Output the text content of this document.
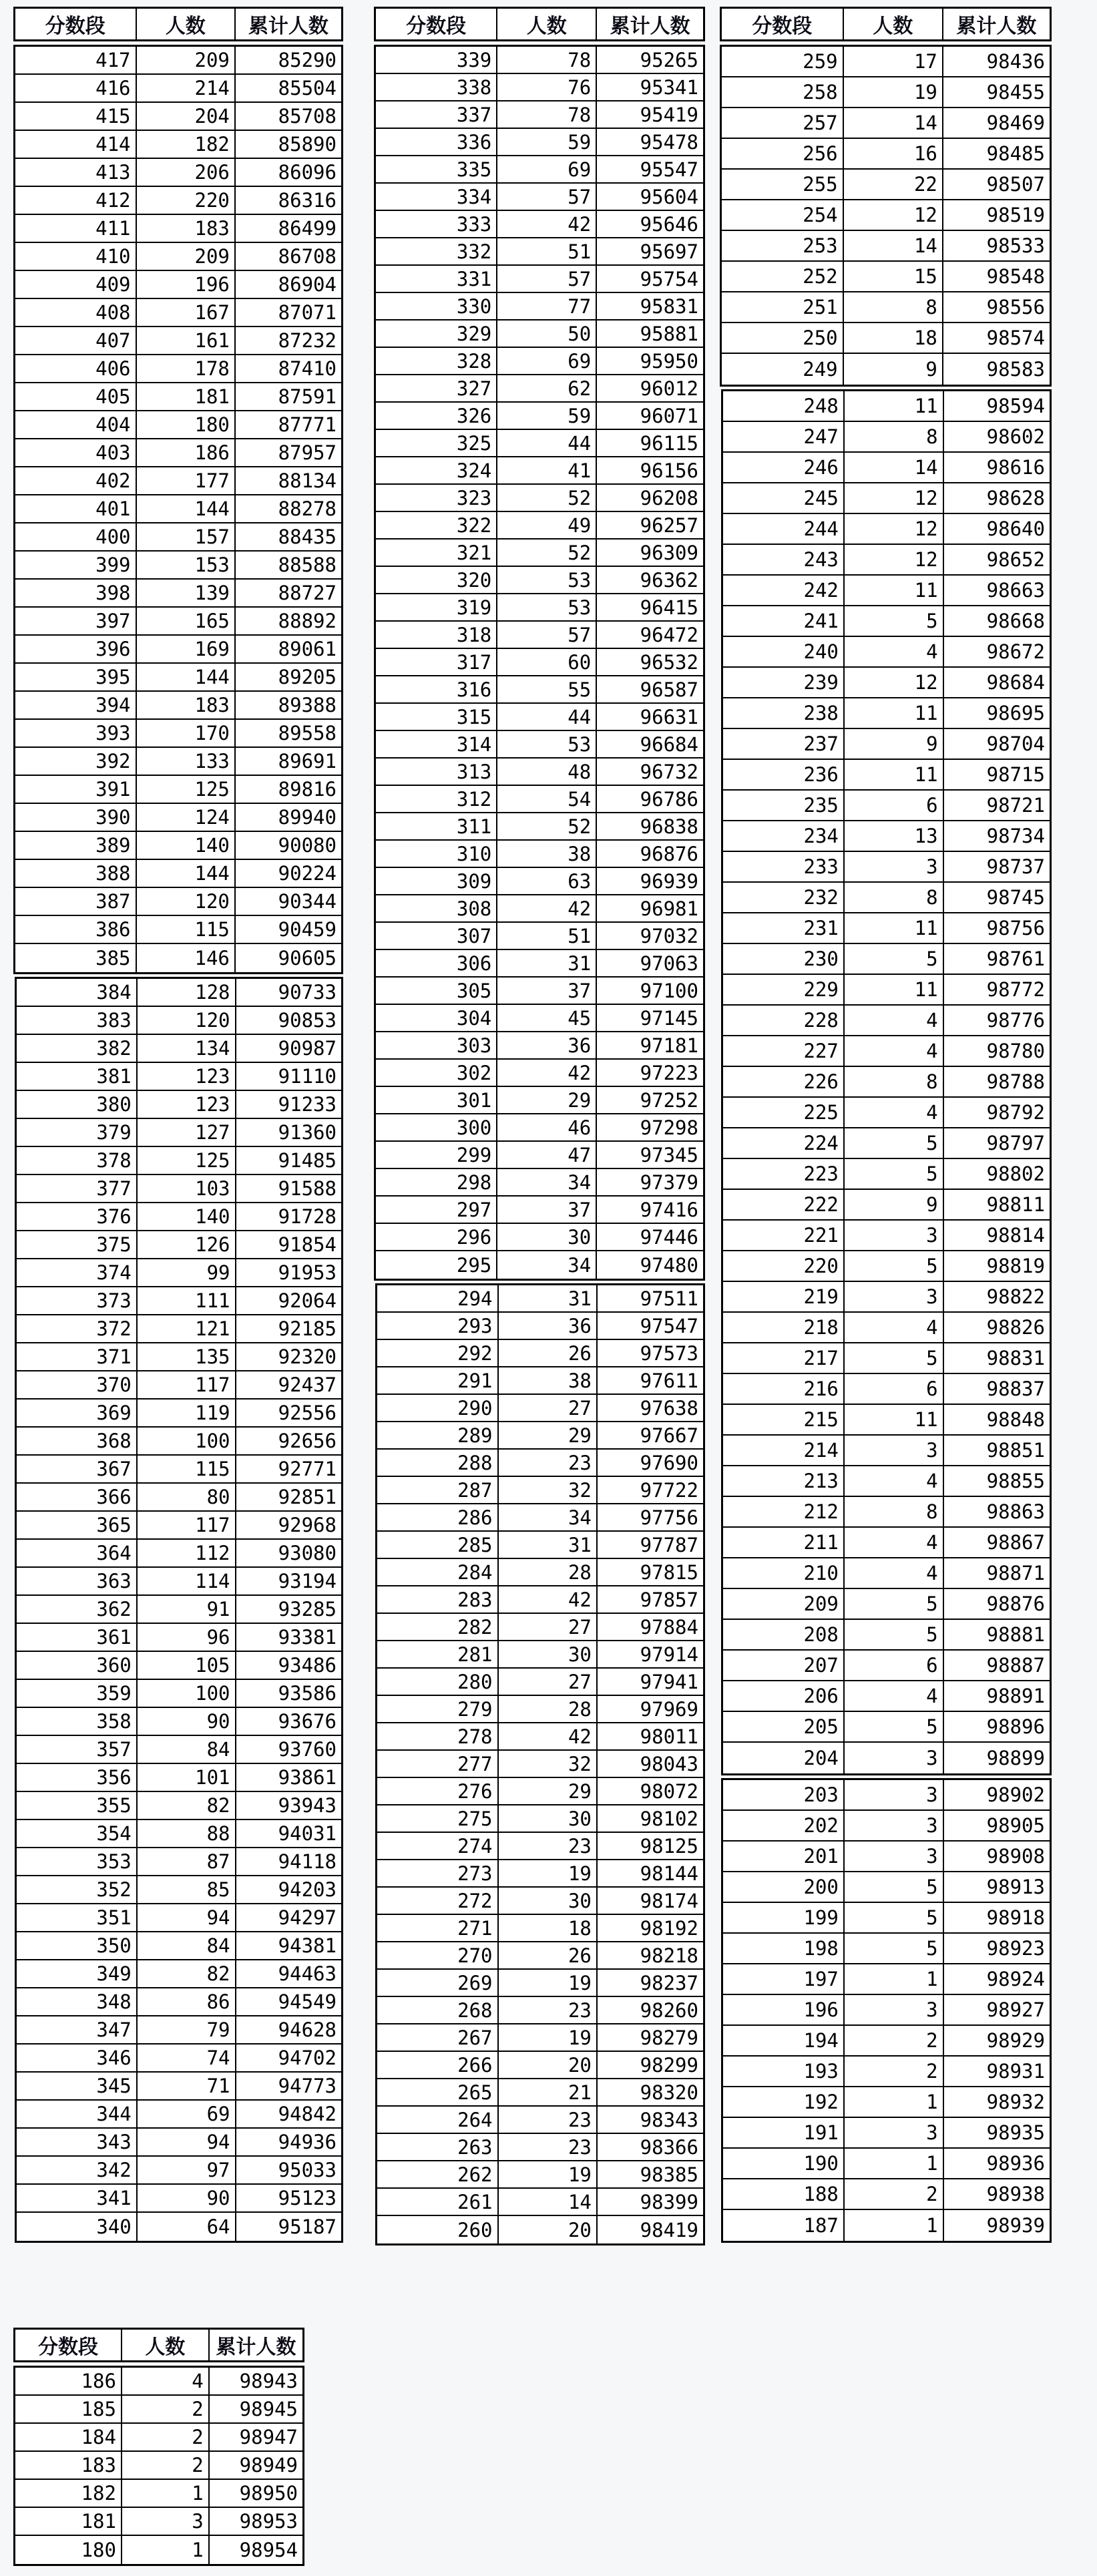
分数段	人数	累计人数
417	209	85290
416	214	85504
415	204	85708
414	182	85890
413	206	86096
412	220	86316
411	183	86499
410	209	86708
409	196	86904
408	167	87071
407	161	87232
406	178	87410
405	181	87591
404	180	87771
403	186	87957
402	177	88134
401	144	88278
400	157	88435
399	153	88588
398	139	88727
397	165	88892
396	169	89061
395	144	89205
394	183	89388
393	170	89558
392	133	89691
391	125	89816
390	124	89940
389	140	90080
388	144	90224
387	120	90344
386	115	90459
385	146	90605
384	128	90733
383	120	90853
382	134	90987
381	123	91110
380	123	91233
379	127	91360
378	125	91485
377	103	91588
376	140	91728
375	126	91854
374	99	91953
373	111	92064
372	121	92185
371	135	92320
370	117	92437
369	119	92556
368	100	92656
367	115	92771
366	80	92851
365	117	92968
364	112	93080
363	114	93194
362	91	93285
361	96	93381
360	105	93486
359	100	93586
358	90	93676
357	84	93760
356	101	93861
355	82	93943
354	88	94031
353	87	94118
352	85	94203
351	94	94297
350	84	94381
349	82	94463
348	86	94549
347	79	94628
346	74	94702
345	71	94773
344	69	94842
343	94	94936
342	97	95033
341	90	95123
340	64	95187
分数段	人数	累计人数
339	78	95265
338	76	95341
337	78	95419
336	59	95478
335	69	95547
334	57	95604
333	42	95646
332	51	95697
331	57	95754
330	77	95831
329	50	95881
328	69	95950
327	62	96012
326	59	96071
325	44	96115
324	41	96156
323	52	96208
322	49	96257
321	52	96309
320	53	96362
319	53	96415
318	57	96472
317	60	96532
316	55	96587
315	44	96631
314	53	96684
313	48	96732
312	54	96786
311	52	96838
310	38	96876
309	63	96939
308	42	96981
307	51	97032
306	31	97063
305	37	97100
304	45	97145
303	36	97181
302	42	97223
301	29	97252
300	46	97298
299	47	97345
298	34	97379
297	37	97416
296	30	97446
295	34	97480
294	31	97511
293	36	97547
292	26	97573
291	38	97611
290	27	97638
289	29	97667
288	23	97690
287	32	97722
286	34	97756
285	31	97787
284	28	97815
283	42	97857
282	27	97884
281	30	97914
280	27	97941
279	28	97969
278	42	98011
277	32	98043
276	29	98072
275	30	98102
274	23	98125
273	19	98144
272	30	98174
271	18	98192
270	26	98218
269	19	98237
268	23	98260
267	19	98279
266	20	98299
265	21	98320
264	23	98343
263	23	98366
262	19	98385
261	14	98399
260	20	98419
分数段	人数	累计人数
259	17	98436
258	19	98455
257	14	98469
256	16	98485
255	22	98507
254	12	98519
253	14	98533
252	15	98548
251	8	98556
250	18	98574
249	9	98583
248	11	98594
247	8	98602
246	14	98616
245	12	98628
244	12	98640
243	12	98652
242	11	98663
241	5	98668
240	4	98672
239	12	98684
238	11	98695
237	9	98704
236	11	98715
235	6	98721
234	13	98734
233	3	98737
232	8	98745
231	11	98756
230	5	98761
229	11	98772
228	4	98776
227	4	98780
226	8	98788
225	4	98792
224	5	98797
223	5	98802
222	9	98811
221	3	98814
220	5	98819
219	3	98822
218	4	98826
217	5	98831
216	6	98837
215	11	98848
214	3	98851
213	4	98855
212	8	98863
211	4	98867
210	4	98871
209	5	98876
208	5	98881
207	6	98887
206	4	98891
205	5	98896
204	3	98899
203	3	98902
202	3	98905
201	3	98908
200	5	98913
199	5	98918
198	5	98923
197	1	98924
196	3	98927
194	2	98929
193	2	98931
192	1	98932
191	3	98935
190	1	98936
188	2	98938
187	1	98939
分数段	人数	累计人数
186	4	98943
185	2	98945
184	2	98947
183	2	98949
182	1	98950
181	3	98953
180	1	98954
